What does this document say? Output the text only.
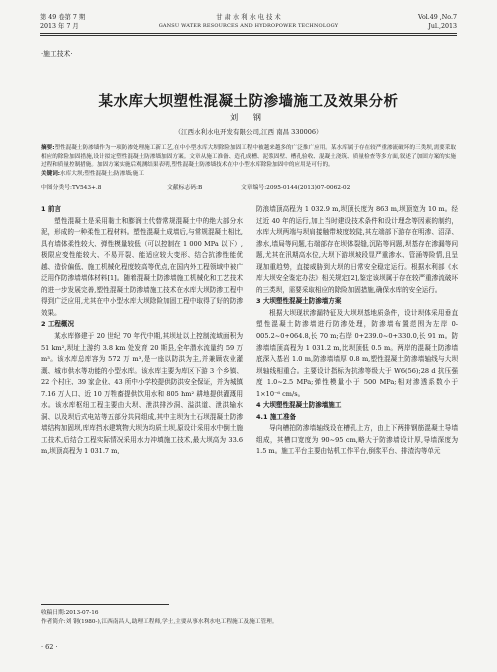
第 49 卷第 7 期
2013 年 7 月
甘 肃 水 利 水 电 技 术
GANSU WATER RESOURCES AND HYDROPOWER TECHNOLOGY
Vol.49 ,No.7
Jul.,2013
·施工技术·
某水库大坝塑性混凝土防渗墙施工及效果分析
刘 钢
（江西水利水电开发有限公司,江西 南昌 330006）
摘要:塑性混凝土防渗墙作为一项防渗处理施工新工艺,在中小型水库大坝除险加固工程中被越来越多的广泛推广应用。某水库属于存在较严重渗流破坏的三类坝,需要采取相应的除险加固措施,设计拟定塑性混凝土防渗墙加固方案。文章从施工准备、造孔成槽、泥浆固壁、槽孔验收、混凝土浇筑、质量检查等多方面,叙述了加固方案的实施过程和质量控制措施。加固方案实施后观测结果表明,塑性混凝土防渗墙技术在中小型水库除险加固中的应用是可行的。
关键词:水库大坝;塑性混凝土;防渗墙;施工
中图分类号:TV543+.8	文献标志码:B	文章编号:2095-0144(2013)07-0062-02

1 前言

塑性混凝土是采用黏土和膨润土代替常规混凝土中的绝大部分水泥，形成的一种柔性工程材料。塑性混凝土成墙后,与常规混凝土相比,具有墙体柔性较大、弹性模量较低（可以控制在 1 000 MPa 以下）,极限应变性能较大、不易开裂、能适应较大变形、结合抗渗性能优越、造价偏低、施工机械化程度较高等优点,在国内外工程领域中被广泛用作防渗墙墙体材料[1]。随着混凝土防渗墙施工机械化和工艺技术的进一步发展完善,塑性混凝土防渗墙施工技术在水库大坝防渗工程中得到广泛应用,尤其在中小型水库大坝除险加固工程中取得了好的防渗效果。

2 工程概况

某水库修建于 20 世纪 70 年代中期,其坝址以上控制流域面积为 51 km²,坝址上游约 3.8 km 处发育 20 斯县,全年潜水流量约 59 万 m³。该水库总库容为 572 万 m³,是一座以防洪为主,并兼顾农业灌溉、城市供水等功能的小型水库。该水库主要为库区下游 3 个乡镇、22 个村庄、39 家企业、43 所中小学校提供防洪安全保证，并为城镇 7.16 万人口、近 10 万牲畜提供饮用水和 805 hm² 耕地提供灌溉用水。该水库枢纽工程主要由大坝、泄洪排沙洞、溢洪道、泄洪输水洞、以及坝后式电站等五部分共同组成,其中主坝为土石坝混凝土防渗墙结构加固坝,库库挡水建筑物大坝为均质土坝,原设计采用水中倒土施工技术,后结合工程实际情况采用水力冲填施工技术,最大坝高为 33.6 m,坝顶高程为 1 031.7 m,

防浪墙顶高程为 1 032.9 m,坝顶长度为 863 m,坝顶宽为 10 m。经过近 40 年的运行,加上当时建设技术条件和设计理念等因素的制约，水库大坝两端与坝肩接触带坡度较陡,其左端部下游存在明渗、沼泽、渗水,墙局等问题,右端部存在坝体裂缝,沉陷等问题,坝基存在渗漏等问题,尤其在汛期高水位,大坝下游坝坡段显严重渗水、管涌等险情,且呈现加重趋势，直接威胁到大坝的日常安全稳定运行。根据水利部《水库大坝安全鉴定办法》相关规定[2],鉴定该坝属于存在较严重渗流破坏的三类坝，需要采取相应的除险加固措施,确保水库的安全运行。

3 大坝塑性混凝土防渗墙方案

根据大坝现状渗漏特征及大坝坝基地质条件，设计坝体采用垂直塑性混凝土防渗墙进行防渗处理，防渗墙布置范围为左岸 0-005.2~0+064.8,长 70 m;右岸 0+239.0~0+330.0,长 91 m。防渗墙墙顶高程为 1 031.2 m,比坝顶低 0.5 m。两岸的混凝土防渗墙底深入基岩 1.0 m,防渗墙墙厚 0.8 m,塑性混凝土防渗墙轴线与大坝坝轴线相重合。主要设计指标为抗渗等级大于 W6(56);28 d 抗压强度 1.0~2.5 MPa;弹性模量小于 500 MPa;相对渗透系数小于 1×10⁻⁶ cm/s。

4 大坝塑性混凝土防渗墙施工

4.1 施工准备

导向槽拍防渗墙轴线设在槽孔上方，由上下两排钢筋混凝土导墙组成，其槽口宽度为 90~95 cm,略大于防渗墙设计厚,导墙深度为 1.5 m。施工平台主要由钻机工作平台,倒浆平台、排渣沟等单元

收稿日期:2013-07-16
作者简介:刘 钢(1980-),江西南昌人,助理工程师,学士,主要从事水利水电工程施工及施工管理。
· 62 ·
